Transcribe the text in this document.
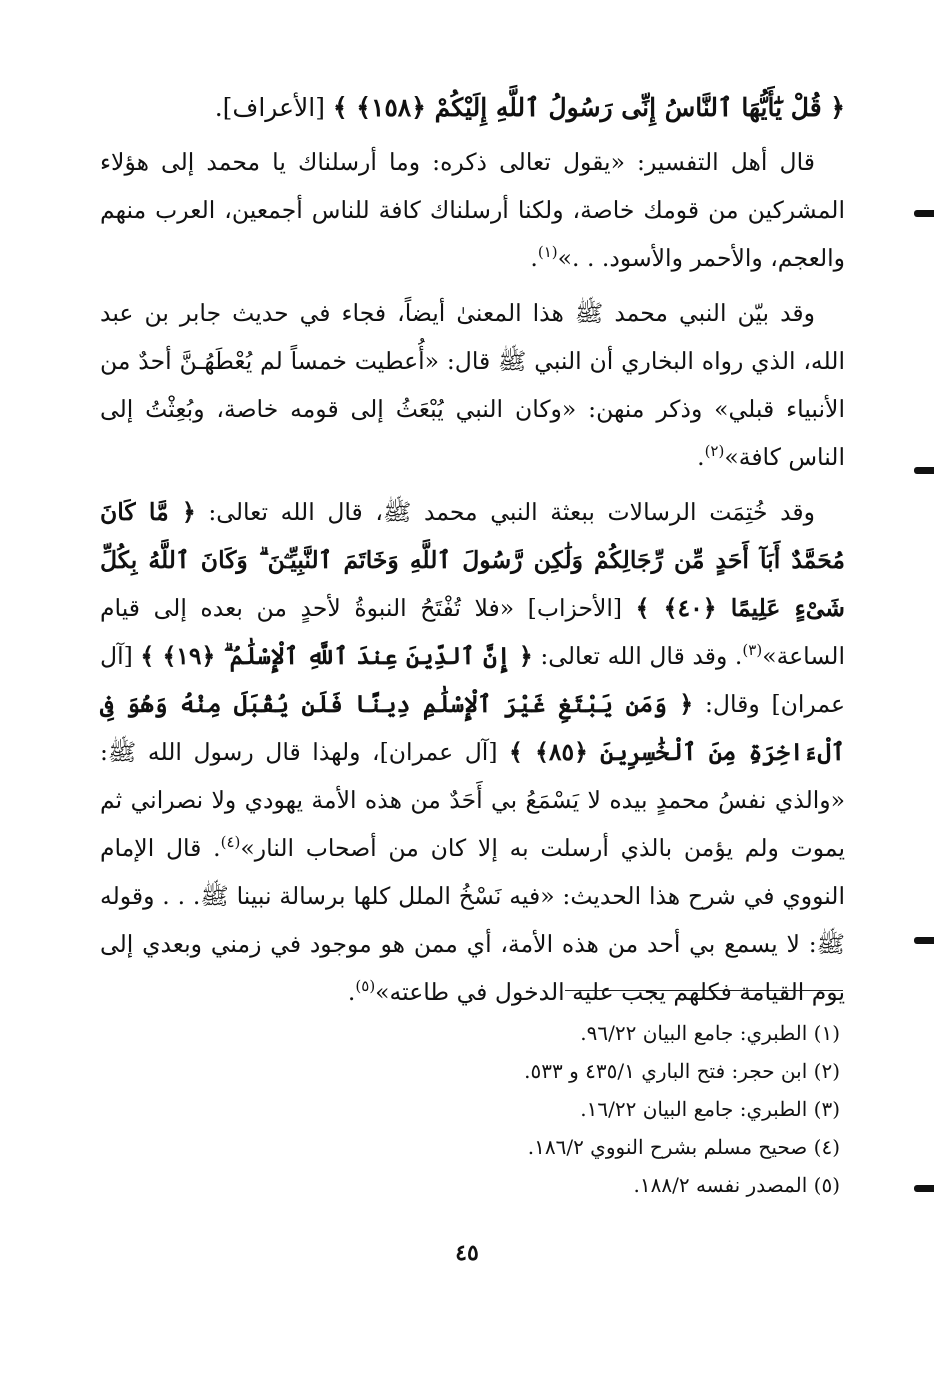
﴿ قُلْ يَٰٓأَيُّهَا ٱلنَّاسُ إِنِّى رَسُولُ ٱللَّهِ إِلَيْكُمْ ﴿١٥٨﴾ ﴾ [الأعراف].

قال أهل التفسير: «يقول تعالى ذكره: وما أرسلناك يا محمد إلى هؤلاء المشركين من قومك خاصة، ولكنا أرسلناك كافة للناس أجمعين، العرب منهم والعجم، والأحمر والأسود. . .»$^{(١)}$.

وقد بيّن النبي محمد ﷺ هذا المعنىٰ أيضاً، فجاء في حديث جابر بن عبد الله، الذي رواه البخاري أن النبي ﷺ قال: «أُعطيت خمساً لم يُعْطَهُـنَّ أحدٌ من الأنبياء قبلي» وذكر منهن: «وكان النبي يُبْعَثُ إلى قومه خاصة، وبُعِثْتُ إلى الناس كافة»$^{(٢)}$.

وقد خُتِمَت الرسالات ببعثة النبي محمد ﷺ، قال الله تعالى: ﴿ مَّا كَانَ مُحَمَّدٌ أَبَآ أَحَدٍ مِّن رِّجَالِكُمْ وَلَٰكِن رَّسُولَ ٱللَّهِ وَخَاتَمَ ٱلنَّبِيِّـۧنَ ۗ وَكَانَ ٱللَّهُ بِكُلِّ شَىْءٍ عَلِيمًا ﴿٤٠﴾ ﴾ [الأحزاب] «فلا تُفْتَحُ النبوةُ لأحدٍ من بعده إلى قيام الساعة»$^{(٣)}$. وقد قال الله تعالى: ﴿ إِنَّ ٱلدِّينَ عِندَ ٱللَّهِ ٱلْإِسْلَٰمُ ۗ ﴿١٩﴾ ﴾ [آل عمران] وقال: ﴿ وَمَن يَبْتَغِ غَيْرَ ٱلْإِسْلَٰمِ دِينًا فَلَن يُقْبَلَ مِنْهُ وَهُوَ فِى ٱلْءَاخِرَةِ مِنَ ٱلْخَٰسِرِينَ ﴿٨٥﴾ ﴾ [آل عمران]، ولهذا قال رسول الله ﷺ: «والذي نفسُ محمدٍ بيده لا يَسْمَعُ بي أَحَدٌ من هذه الأمة يهودي ولا نصراني ثم يموت ولم يؤمن بالذي أرسلت به إلا كان من أصحاب النار»$^{(٤)}$. قال الإمام النووي في شرح هذا الحديث: «فيه نَسْخُ الملل كلها برسالة نبينا ﷺ. . . وقوله ﷺ: لا يسمع بي أحد من هذه الأمة، أي ممن هو موجود في زمني وبعدي إلى يوم القيامة فكلهم يجب عليه الدخول في طاعته»$^{(٥)}$.

(١) الطبري: جامع البيان ٩٦/٢٢.

(٢) ابن حجر: فتح الباري ٤٣٥/١ و ٥٣٣.

(٣) الطبري: جامع البيان ١٦/٢٢.

(٤) صحيح مسلم بشرح النووي ١٨٦/٢.

(٥) المصدر نفسه ١٨٨/٢.

٤٥
